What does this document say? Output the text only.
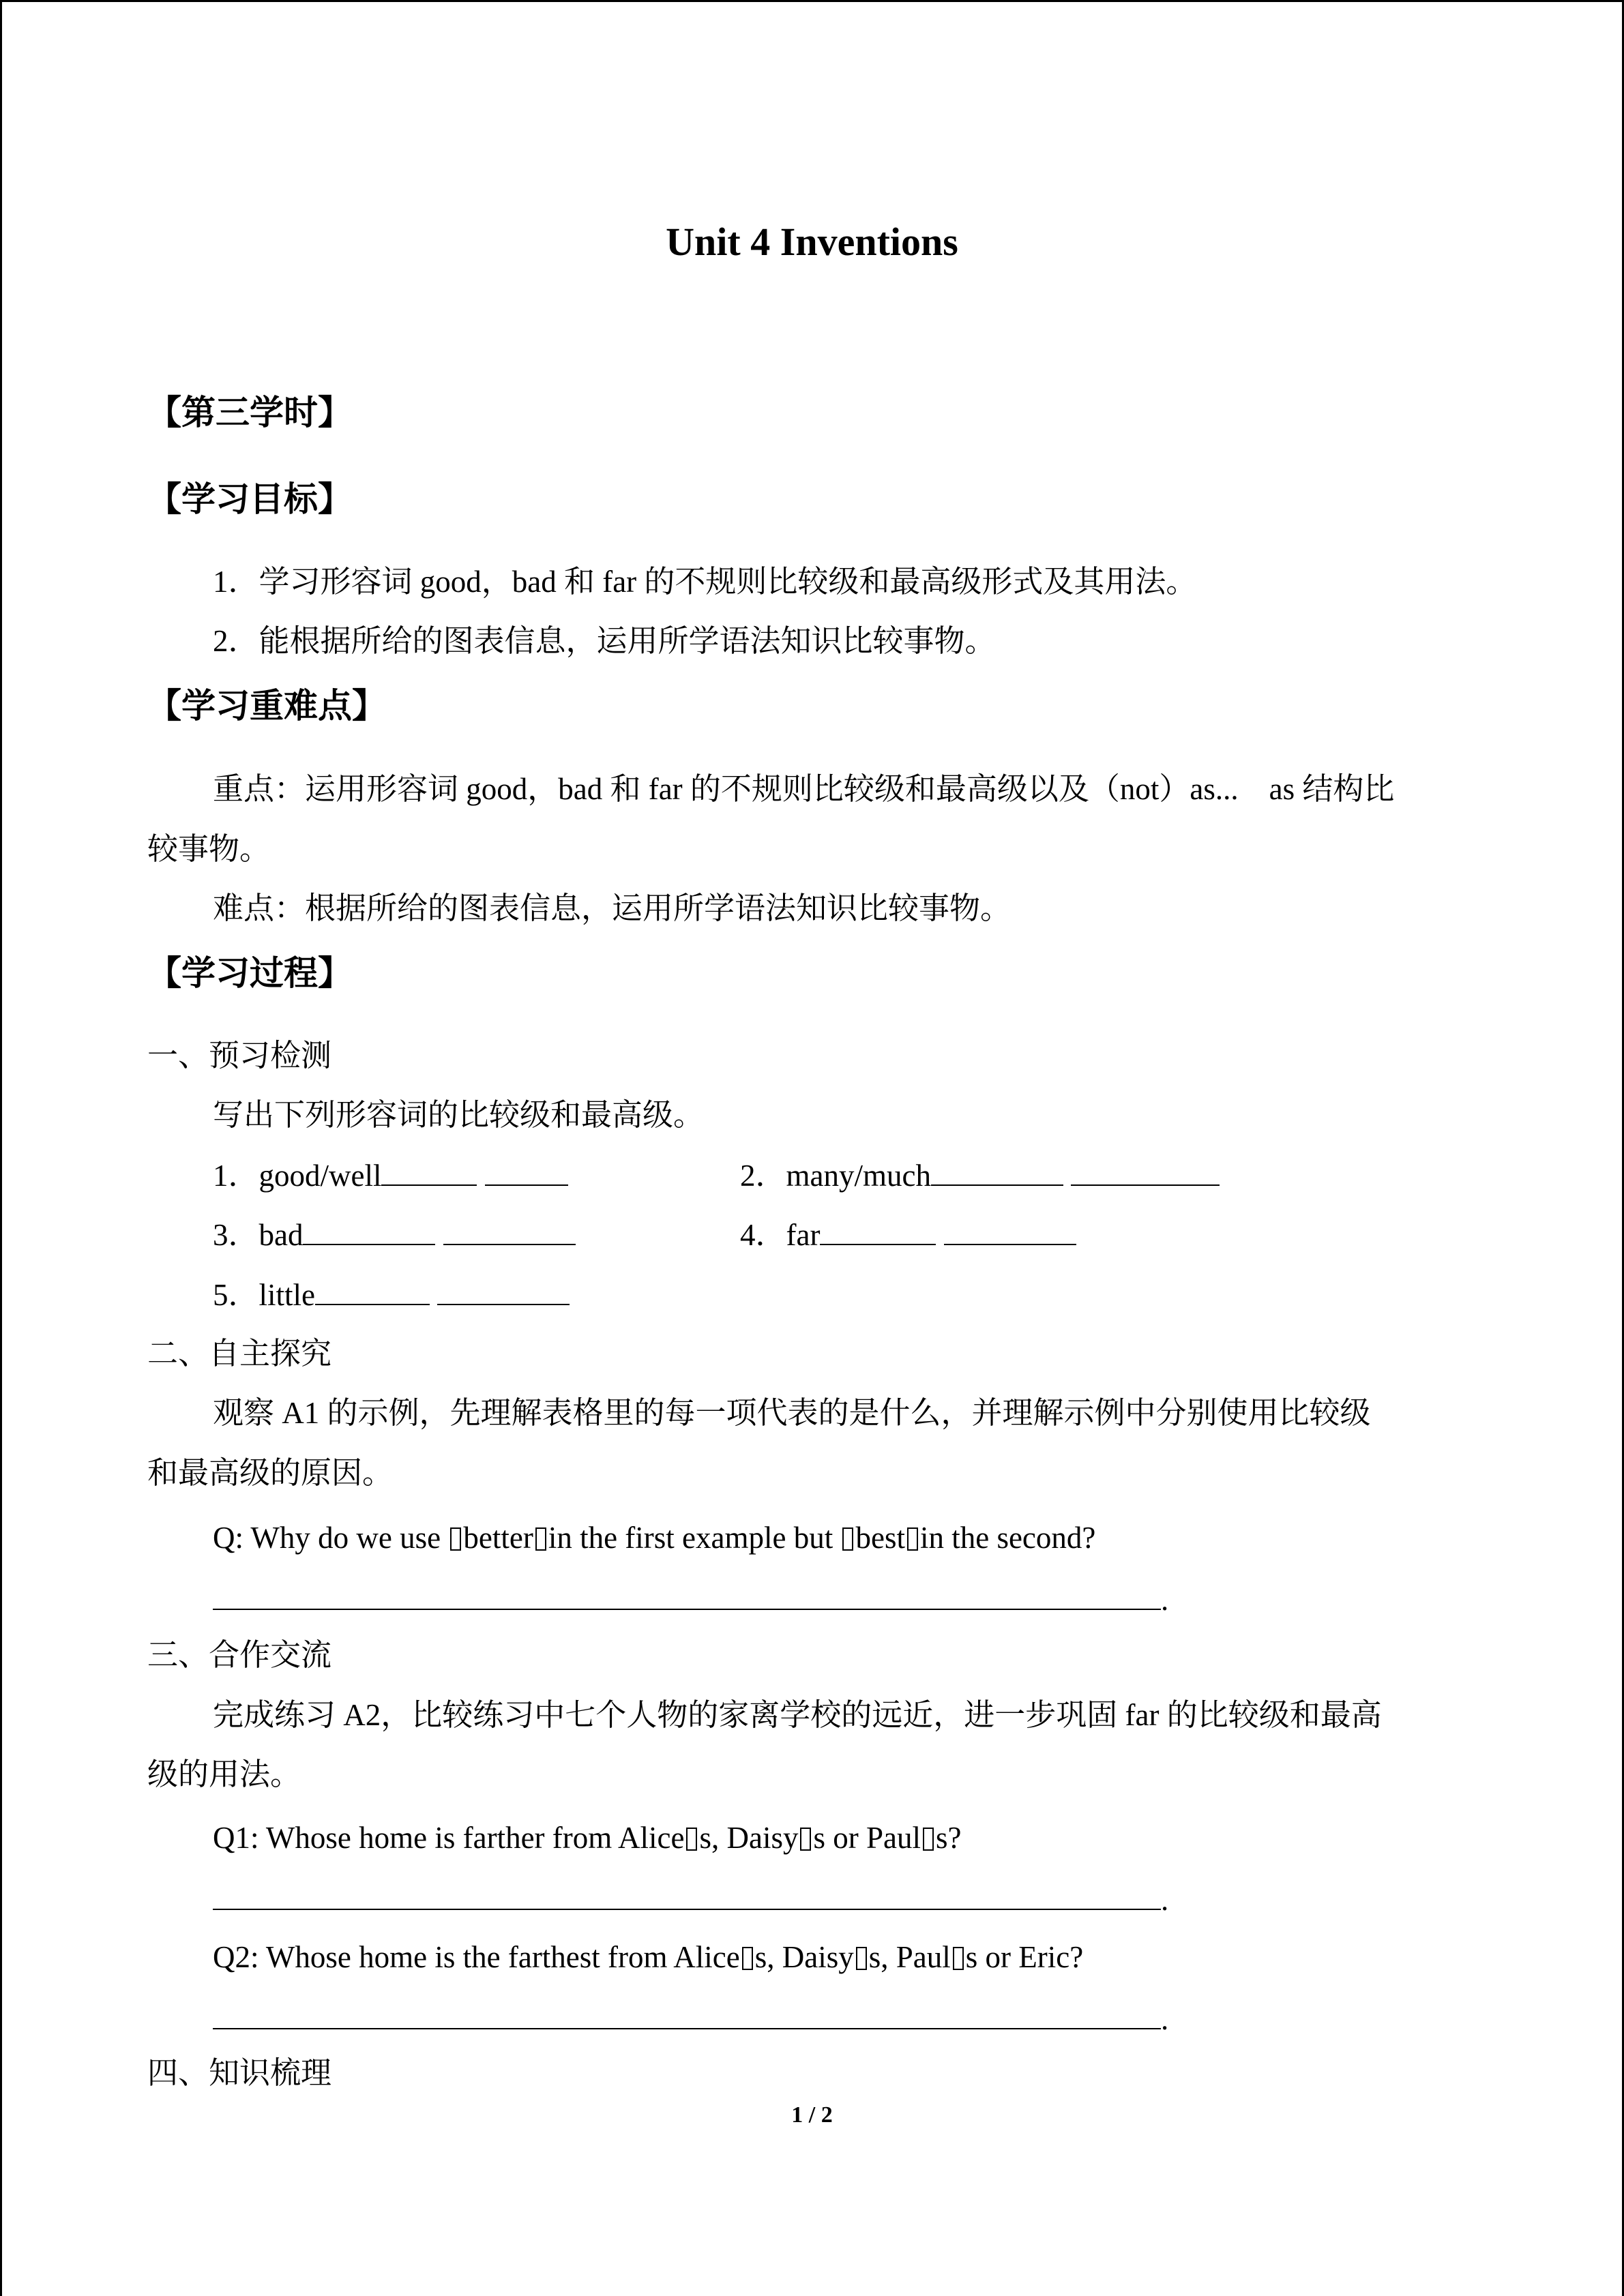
Unit 4 Inventions
【第三学时】
【学习目标】
1．学习形容词 good，bad 和 far 的不规则比较级和最高级形式及其用法。
2．能根据所给的图表信息，运用所学语法知识比较事物。
【学习重难点】
重点：运用形容词 good，bad 和 far 的不规则比较级和最高级以及（not）as...　as 结构比
较事物。
难点：根据所给的图表信息，运用所学语法知识比较事物。
【学习过程】
一、预习检测
写出下列形容词的比较级和最高级。
1．good/well	2．many/much
3．bad	4．far
5．little
二、自主探究
观察 A1 的示例，先理解表格里的每一项代表的是什么，并理解示例中分别使用比较级
和最高级的原因。
Q: Why do we use better in the first example but best in the second?
.
三、合作交流
完成练习 A2，比较练习中七个人物的家离学校的远近，进一步巩固 far 的比较级和最高
级的用法。
Q1: Whose home is farther from Alice s, Daisy s or Paul s?
.
Q2: Whose home is the farthest from Alice s, Daisy s, Paul s or Eric?
.
四、知识梳理
1 / 2
